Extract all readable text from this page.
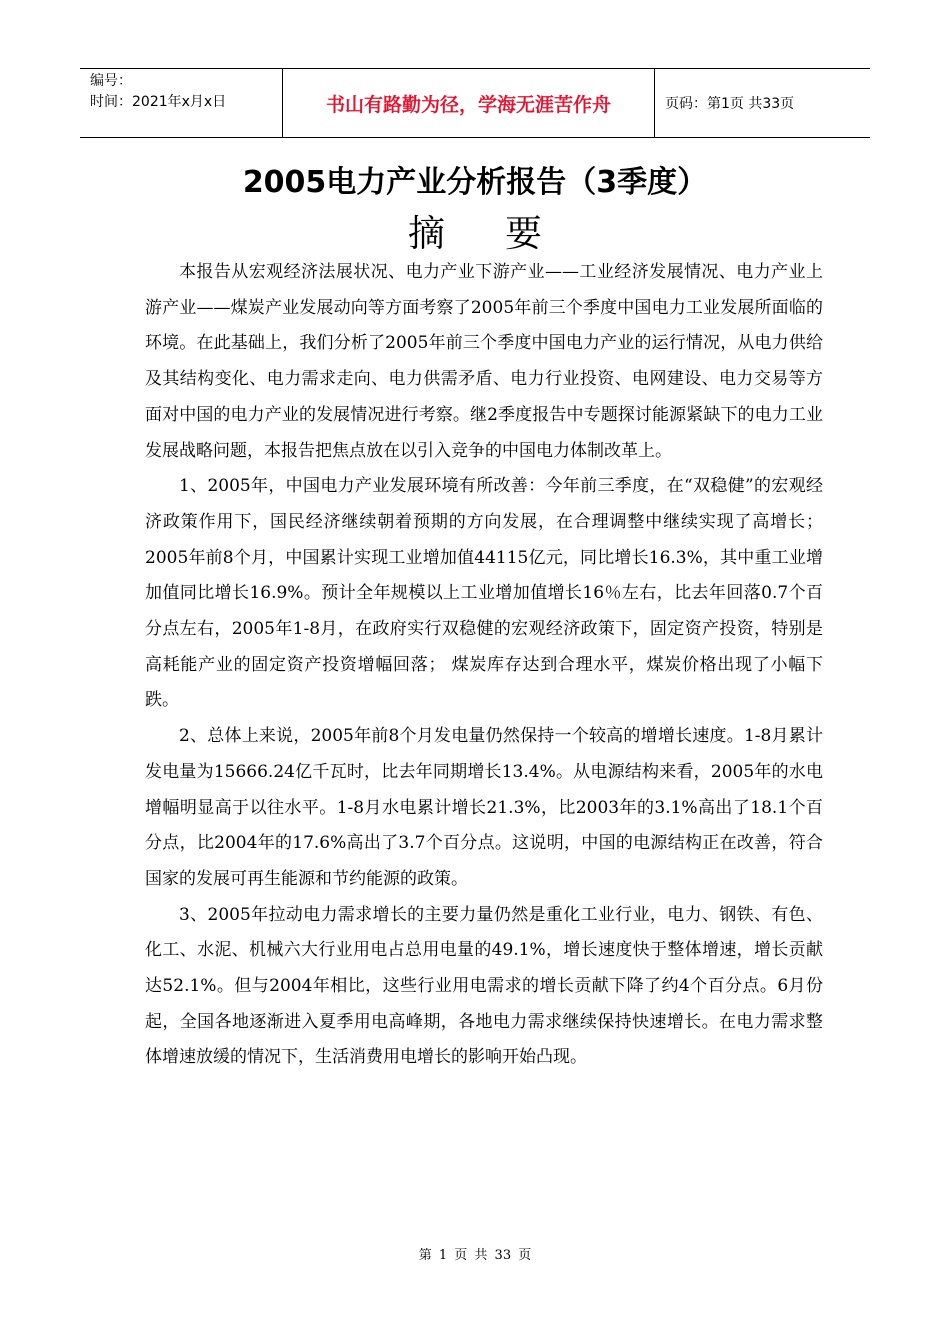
编号：
时间：2021年x月x日	书山有路勤为径，学海无涯苦作舟	页码：第1页 共33页
2005电力产业分析报告（3季度）
摘要

本报告从宏观经济法展状况、电力产业下游产业——工业经济发展情况、电力产业上游产业——煤炭产业发展动向等方面考察了2005年前三个季度中国电力工业发展所面临的环境。在此基础上，我们分析了2005年前三个季度中国电力产业的运行情况，从电力供给及其结构变化、电力需求走向、电力供需矛盾、电力行业投资、电网建设、电力交易等方面对中国的电力产业的发展情况进行考察。继2季度报告中专题探讨能源紧缺下的电力工业发展战略问题，本报告把焦点放在以引入竞争的中国电力体制改革上。

1、2005年，中国电力产业发展环境有所改善：今年前三季度，在“双稳健”的宏观经济政策作用下，国民经济继续朝着预期的方向发展，在合理调整中继续实现了高增长；2005年前8个月，中国累计实现工业增加值44115亿元，同比增长16.3%，其中重工业增加值同比增长16.9%。预计全年规模以上工业增加值增长16％左右，比去年回落0.7个百分点左右，2005年1-8月，在政府实行双稳健的宏观经济政策下，固定资产投资，特别是高耗能产业的固定资产投资增幅回落； 煤炭库存达到合理水平，煤炭价格出现了小幅下跌。

2、总体上来说，2005年前8个月发电量仍然保持一个较高的增增长速度。1-8月累计发电量为15666.24亿千瓦时，比去年同期增长13.4%。从电源结构来看，2005年的水电增幅明显高于以往水平。1-8月水电累计增长21.3%，比2003年的3.1%高出了18.1个百分点，比2004年的17.6%高出了3.7个百分点。这说明，中国的电源结构正在改善，符合国家的发展可再生能源和节约能源的政策。

3、2005年拉动电力需求增长的主要力量仍然是重化工业行业，电力、钢铁、有色、化工、水泥、机械六大行业用电占总用电量的49.1%，增长速度快于整体增速，增长贡献达52.1%。但与2004年相比，这些行业用电需求的增长贡献下降了约4个百分点。6月份起，全国各地逐渐进入夏季用电高峰期，各地电力需求继续保持快速增长。在电力需求整体增速放缓的情况下，生活消费用电增长的影响开始凸现。

第 1 页 共 33 页
